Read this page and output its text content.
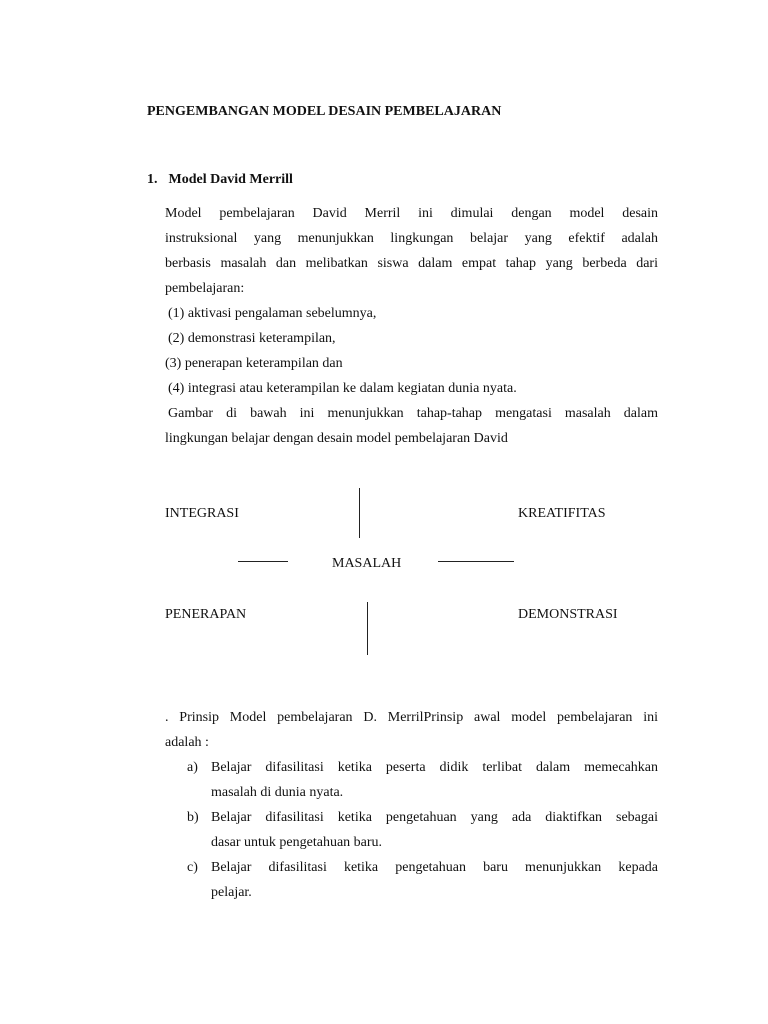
PENGEMBANGAN MODEL DESAIN PEMBELAJARAN
1. Model David Merrill
Model pembelajaran David Merril ini dimulai dengan model desain
instruksional yang menunjukkan lingkungan belajar yang efektif adalah
berbasis masalah dan melibatkan siswa dalam empat tahap yang berbeda dari
pembelajaran:
(1) aktivasi pengalaman sebelumnya,
(2) demonstrasi keterampilan,
(3) penerapan keterampilan dan
(4) integrasi atau keterampilan ke dalam kegiatan dunia nyata.
Gambar di bawah ini menunjukkan tahap-tahap mengatasi masalah dalam
lingkungan belajar dengan desain model pembelajaran David
INTEGRASI	KREATIFITAS
MASALAH
PENERAPAN	DEMONSTRASI
. Prinsip Model pembelajaran D. MerrilPrinsip awal model pembelajaran ini
adalah :
a) Belajar difasilitasi ketika peserta didik terlibat dalam memecahkan
masalah di dunia nyata.
b) Belajar difasilitasi ketika pengetahuan yang ada diaktifkan sebagai
dasar untuk pengetahuan baru.
c) Belajar difasilitasi ketika pengetahuan baru menunjukkan kepada
pelajar.
